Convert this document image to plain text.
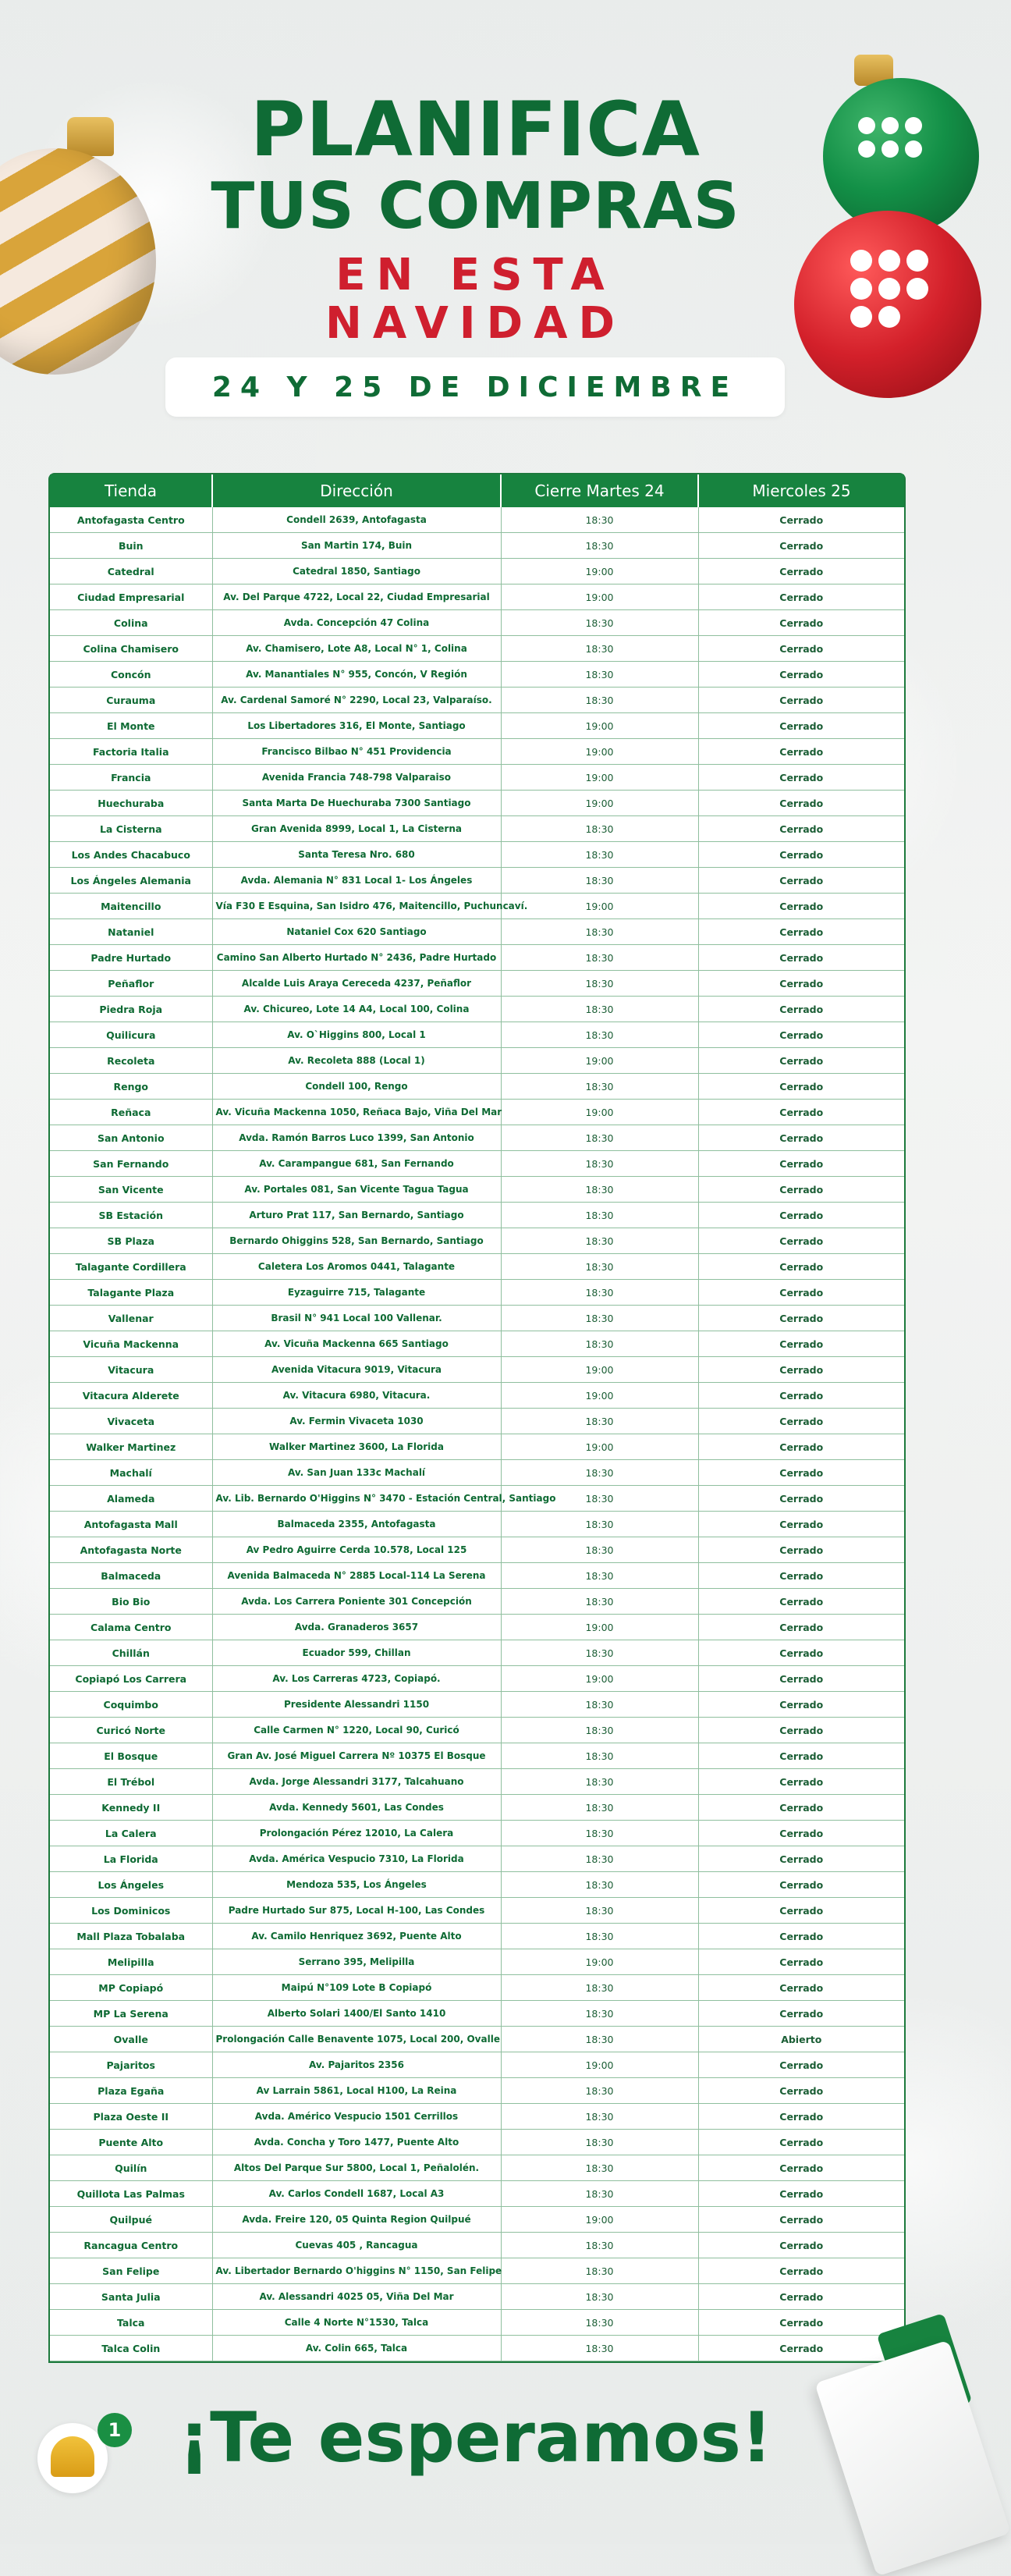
PLANIFICA
TUS COMPRAS
EN ESTA
NAVIDAD
24 Y 25 DE DICIEMBRE
Tienda	Dirección	Cierre Martes 24	Miercoles 25
Antofagasta Centro	Condell 2639, Antofagasta	18:30	Cerrado
Buin	San Martin 174, Buin	18:30	Cerrado
Catedral	Catedral 1850, Santiago	19:00	Cerrado
Ciudad Empresarial	Av. Del Parque 4722, Local 22, Ciudad Empresarial	19:00	Cerrado
Colina	Avda. Concepción 47 Colina	18:30	Cerrado
Colina Chamisero	Av. Chamisero, Lote A8, Local N° 1, Colina	18:30	Cerrado
Concón	Av. Manantiales N° 955, Concón, V Región	18:30	Cerrado
Curauma	Av. Cardenal Samoré N° 2290, Local 23, Valparaíso.	18:30	Cerrado
El Monte	Los Libertadores 316, El Monte, Santiago	19:00	Cerrado
Factoria Italia	Francisco Bilbao N° 451 Providencia	19:00	Cerrado
Francia	Avenida Francia 748-798 Valparaiso	19:00	Cerrado
Huechuraba	Santa Marta De Huechuraba 7300 Santiago	19:00	Cerrado
La Cisterna	Gran Avenida 8999, Local 1, La Cisterna	18:30	Cerrado
Los Andes Chacabuco	Santa Teresa Nro. 680	18:30	Cerrado
Los Ángeles Alemania	Avda. Alemania N° 831 Local 1- Los Ángeles	18:30	Cerrado
Maitencillo	Vía F30 E Esquina, San Isidro 476, Maitencillo, Puchuncaví.	19:00	Cerrado
Nataniel	Nataniel Cox 620 Santiago	18:30	Cerrado
Padre Hurtado	Camino San Alberto Hurtado N° 2436, Padre Hurtado	18:30	Cerrado
Peñaflor	Alcalde Luis Araya Cereceda 4237, Peñaflor	18:30	Cerrado
Piedra Roja	Av. Chicureo, Lote 14 A4, Local 100, Colina	18:30	Cerrado
Quilicura	Av. O`Higgins 800, Local 1	18:30	Cerrado
Recoleta	Av. Recoleta 888 (Local 1)	19:00	Cerrado
Rengo	Condell 100, Rengo	18:30	Cerrado
Reñaca	Av. Vicuña Mackenna 1050, Reñaca Bajo, Viña Del Mar	19:00	Cerrado
San Antonio	Avda. Ramón Barros Luco 1399, San Antonio	18:30	Cerrado
San Fernando	Av. Carampangue 681, San Fernando	18:30	Cerrado
San Vicente	Av. Portales 081, San Vicente Tagua Tagua	18:30	Cerrado
SB Estación	Arturo Prat 117, San Bernardo, Santiago	18:30	Cerrado
SB Plaza	Bernardo Ohiggins 528, San Bernardo, Santiago	18:30	Cerrado
Talagante Cordillera	Caletera Los Aromos 0441, Talagante	18:30	Cerrado
Talagante Plaza	Eyzaguirre 715, Talagante	18:30	Cerrado
Vallenar	Brasil N° 941 Local 100 Vallenar.	18:30	Cerrado
Vicuña Mackenna	Av. Vicuña Mackenna 665 Santiago	18:30	Cerrado
Vitacura	Avenida Vitacura 9019, Vitacura	19:00	Cerrado
Vitacura Alderete	Av. Vitacura 6980, Vitacura.	19:00	Cerrado
Vivaceta	Av. Fermin Vivaceta 1030	18:30	Cerrado
Walker Martinez	Walker Martinez 3600, La Florida	19:00	Cerrado
Machalí	Av. San Juan 133c Machalí	18:30	Cerrado
Alameda	Av. Lib. Bernardo O'Higgins N° 3470 - Estación Central, Santiago	18:30	Cerrado
Antofagasta Mall	Balmaceda 2355, Antofagasta	18:30	Cerrado
Antofagasta Norte	Av Pedro Aguirre Cerda 10.578, Local 125	18:30	Cerrado
Balmaceda	Avenida Balmaceda N° 2885 Local-114 La Serena	18:30	Cerrado
Bio Bio	Avda. Los Carrera Poniente 301 Concepción	18:30	Cerrado
Calama Centro	Avda. Granaderos 3657	19:00	Cerrado
Chillán	Ecuador 599, Chillan	18:30	Cerrado
Copiapó Los Carrera	Av. Los Carreras 4723, Copiapó.	19:00	Cerrado
Coquimbo	Presidente Alessandri 1150	18:30	Cerrado
Curicó Norte	Calle Carmen N° 1220, Local 90, Curicó	18:30	Cerrado
El Bosque	Gran Av. José Miguel Carrera Nº 10375 El Bosque	18:30	Cerrado
El Trébol	Avda. Jorge Alessandri 3177, Talcahuano	18:30	Cerrado
Kennedy II	Avda. Kennedy 5601, Las Condes	18:30	Cerrado
La Calera	Prolongación Pérez 12010, La Calera	18:30	Cerrado
La Florida	Avda. América Vespucio 7310, La Florida	18:30	Cerrado
Los Ángeles	Mendoza 535, Los Ángeles	18:30	Cerrado
Los Dominicos	Padre Hurtado Sur 875, Local H-100, Las Condes	18:30	Cerrado
Mall Plaza Tobalaba	Av. Camilo Henriquez 3692, Puente Alto	18:30	Cerrado
Melipilla	Serrano 395, Melipilla	19:00	Cerrado
MP Copiapó	Maipú N°109 Lote B Copiapó	18:30	Cerrado
MP La Serena	Alberto Solari 1400/El Santo 1410	18:30	Cerrado
Ovalle	Prolongación Calle Benavente 1075, Local 200, Ovalle	18:30	Abierto
Pajaritos	Av. Pajaritos 2356	19:00	Cerrado
Plaza Egaña	Av Larrain 5861, Local H100, La Reina	18:30	Cerrado
Plaza Oeste II	Avda. Américo Vespucio 1501 Cerrillos	18:30	Cerrado
Puente Alto	Avda. Concha y Toro 1477, Puente Alto	18:30	Cerrado
Quilín	Altos Del Parque Sur 5800, Local 1, Peñalolén.	18:30	Cerrado
Quillota Las Palmas	Av. Carlos Condell 1687, Local A3	18:30	Cerrado
Quilpué	Avda. Freire 120, 05 Quinta Region Quilpué	19:00	Cerrado
Rancagua Centro	Cuevas 405 , Rancagua	18:30	Cerrado
San Felipe	Av. Libertador Bernardo O'higgins N° 1150, San Felipe	18:30	Cerrado
Santa Julia	Av. Alessandri 4025 05, Viña Del Mar	18:30	Cerrado
Talca	Calle 4 Norte N°1530, Talca	18:30	Cerrado
Talca Colin	Av. Colin 665, Talca	18:30	Cerrado
¡Te esperamos!
1
